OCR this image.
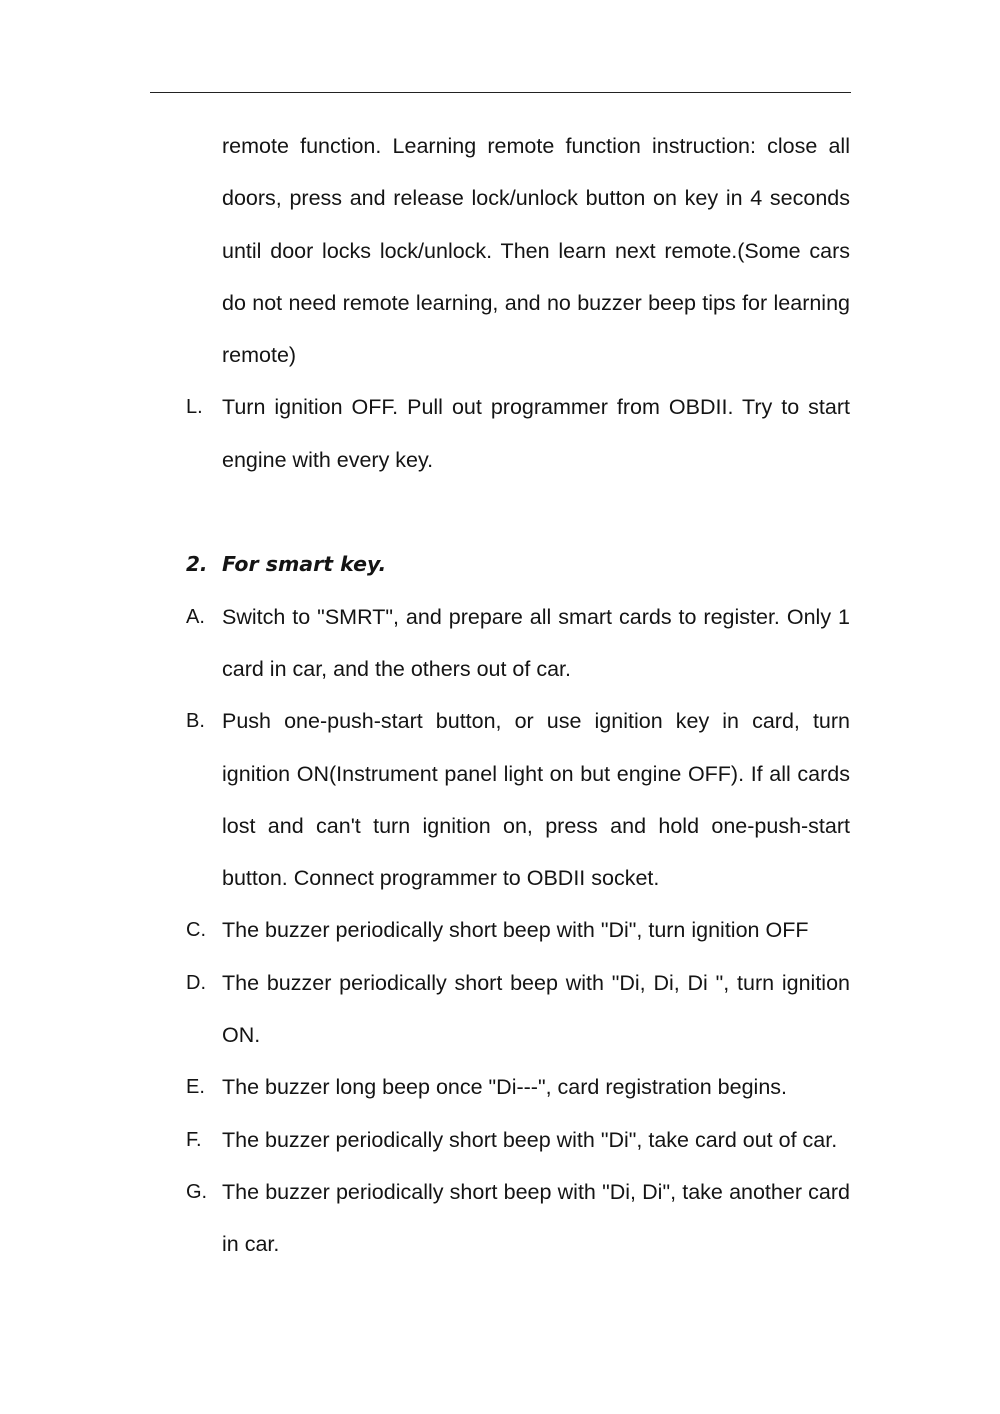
remote function. Learning remote function instruction: close all doors, press and release lock/unlock button on key in 4 seconds until door locks lock/unlock. Then learn next remote.(Some cars do not need remote learning, and no buzzer beep tips for learning remote)
L. Turn ignition OFF. Pull out programmer from OBDII. Try to start engine with every key.
2. For smart key.
A. Switch to "SMRT", and prepare all smart cards to register. Only 1 card in car, and the others out of car.
B. Push one-push-start button, or use ignition key in card, turn ignition ON(Instrument panel light on but engine OFF). If all cards lost and can't turn ignition on, press and hold one-push-start button. Connect programmer to OBDII socket.
C. The buzzer periodically short beep with "Di", turn ignition OFF
D. The buzzer periodically short beep with "Di, Di, Di ", turn ignition ON.
E. The buzzer long beep once "Di---", card registration begins.
F. The buzzer periodically short beep with "Di", take card out of car.
G. The buzzer periodically short beep with "Di, Di", take another card in car.
